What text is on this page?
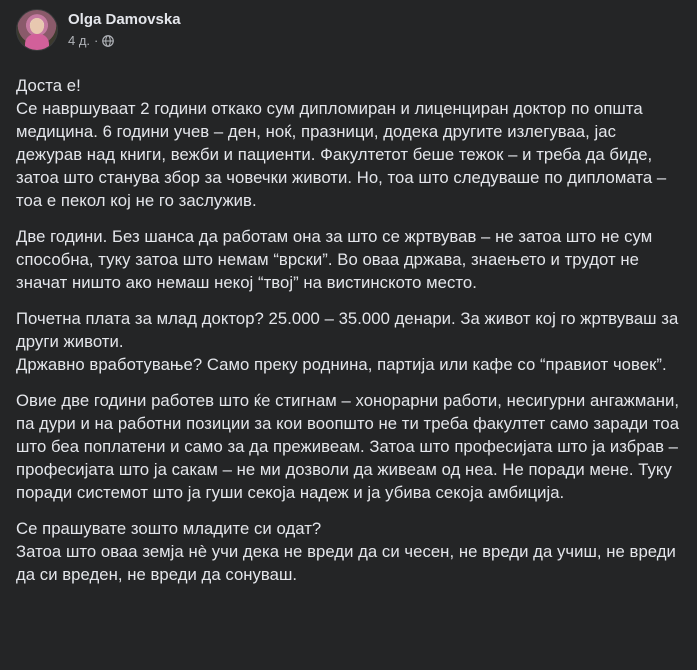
Olga Damovska
4 д. ·

Доста е!
Се навршуваат 2 години откако сум дипломиран и лиценциран доктор по општа медицина. 6 години учев – ден, ноќ, празници, додека другите излегуваа, јас дежурав над книги, вежби и пациенти. Факултетот беше тежок – и треба да биде, затоа што станува збор за човечки животи. Но, тоа што следуваше по дипломата – тоа е пекол кој не го заслужив.

Две години. Без шанса да работам она за што се жртвував – не затоа што не сум способна, туку затоа што немам “врски”. Во оваа држава, знаењето и трудот не значат ништо ако немаш некој “твој” на вистинското место.

Почетна плата за млад доктор? 25.000 – 35.000 денари. За живот кој го жртвуваш за други животи.
Државно вработување? Само преку роднина, партија или кафе со “правиот човек”.

Овие две години работев што ќе стигнам – хонорарни работи, несигурни ангажмани, па дури и на работни позиции за кои воопшто не ти треба факултет само заради тоа што беа поплатени и само за да преживеам. Затоа што професијата што ја избрав – професијата што ја сакам – не ми дозволи да живеам од неа. Не поради мене. Туку поради системот што ја гуши секоја надеж и ја убива секоја амбиција.

Се прашувате зошто младите си одат?
Затоа што оваа земја нè учи дека не вреди да си чесен, не вреди да учиш, не вреди да си вреден, не вреди да сонуваш.
